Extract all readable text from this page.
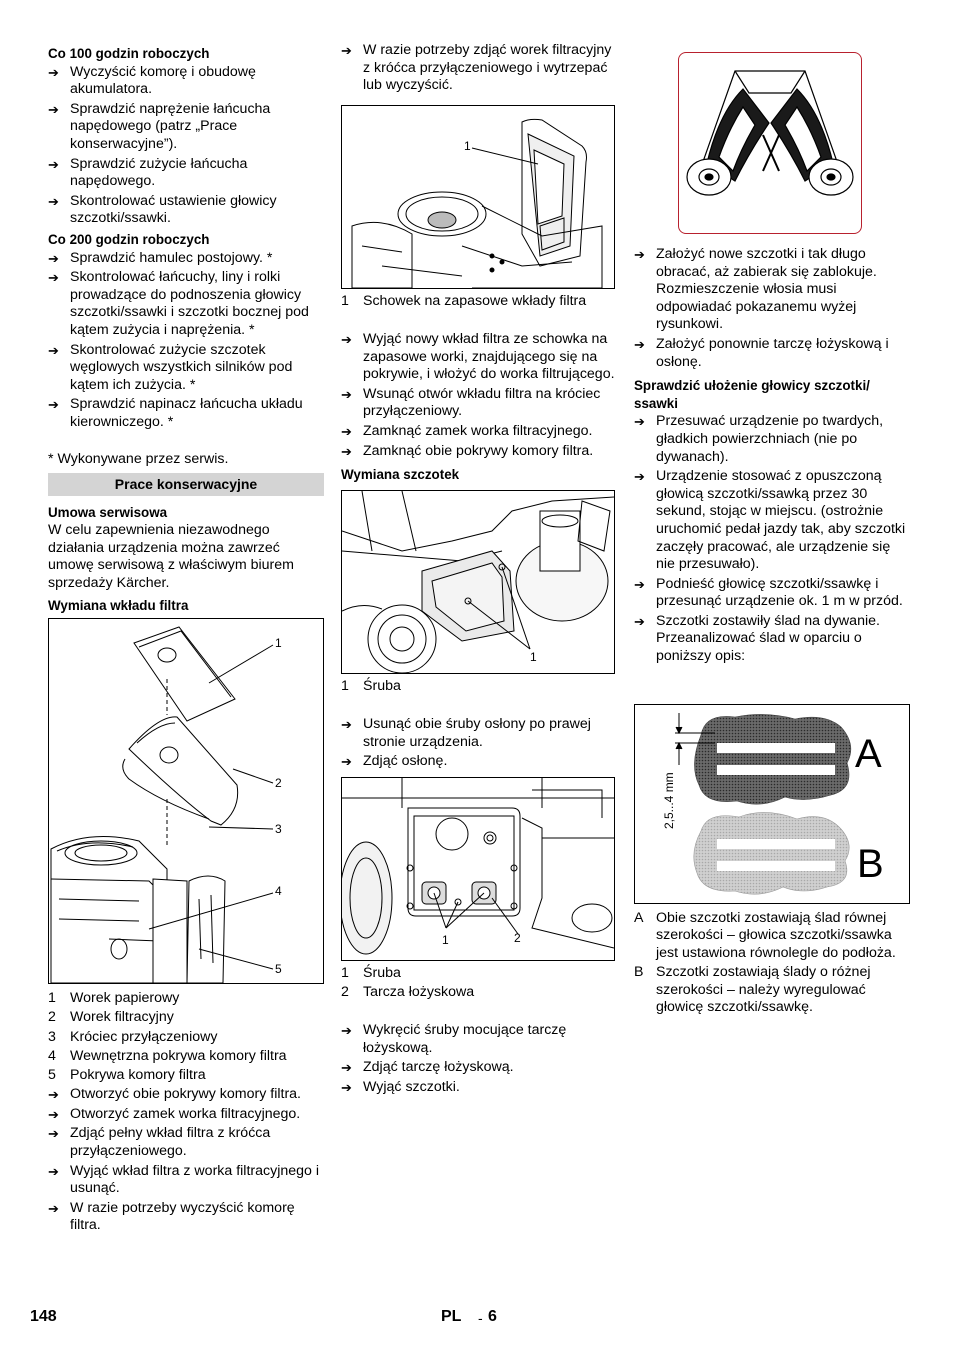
Co 100 godzin roboczych
➔ Wyczyścić komorę i obudowę akumulatora.
➔ Sprawdzić naprężenie łańcucha napędowego (patrz „Prace konserwacyjne”).
➔ Sprawdzić zużycie łańcucha napędowego.
➔ Skontrolować ustawienie głowicy szczotki/ssawki.
Co 200 godzin roboczych
➔ Sprawdzić hamulec postojowy. *
➔ Skontrolować łańcuchy, liny i rolki prowadzące do podnoszenia głowicy szczotki/ssawki i szczotki bocznej pod kątem zużycia i naprężenia. *
➔ Skontrolować zużycie szczotek węglowych wszystkich silników pod kątem ich zużycia. *
➔ Sprawdzić napinacz łańcucha układu kierowniczego. *
* Wykonywane przez serwis.
Prace konserwacyjne
Umowa serwisowa
W celu zapewnienia niezawodnego działania urządzenia można zawrzeć umowę serwisową z właściwym biurem sprzedaży Kärcher.
Wymiana wkładu filtra
1
2
3
4
5
1 Worek papierowy
2 Worek filtracyjny
3 Króciec przyłączeniowy
4 Wewnętrzna pokrywa komory filtra
5 Pokrywa komory filtra
➔ Otworzyć obie pokrywy komory filtra.
➔ Otworzyć zamek worka filtracyjnego.
➔ Zdjąć pełny wkład filtra z króćca przyłączeniowego.
➔ Wyjąć wkład filtra z worka filtracyjnego i usunąć.
➔ W razie potrzeby wyczyścić komorę filtra.
➔ W razie potrzeby zdjąć worek filtracyjny z króćca przyłączeniowego i wytrzepać lub wyczyścić.
1
1 Schowek na zapasowe wkłady filtra
➔ Wyjąć nowy wkład filtra ze schowka na zapasowe worki, znajdującego się na pokrywie, i włożyć do worka filtrującego.
➔ Wsunąć otwór wkładu filtra na króciec przyłączeniowy.
➔ Zamknąć zamek worka filtracyjnego.
➔ Zamknąć obie pokrywy komory filtra.
Wymiana szczotek
1
1 Śruba
➔ Usunąć obie śruby osłony po prawej stronie urządzenia.
➔ Zdjąć osłonę.
1	2
1 Śruba
2 Tarcza łożyskowa
➔ Wykręcić śruby mocujące tarczę łożyskową.
➔ Zdjąć tarczę łożyskową.
➔ Wyjąć szczotki.
➔ Założyć nowe szczotki i tak długo obracać, aż zabierak się zablokuje. Rozmieszczenie włosia musi odpowiadać pokazanemu wyżej rysunkowi.
➔ Założyć ponownie tarczę łożyskową i osłonę.
Sprawdzić ułożenie głowicy szczotki/ ssawki
➔ Przesuwać urządzenie po twardych, gładkich powierzchniach (nie po dywanach).
➔ Urządzenie stosować z opuszczoną głowicą szczotki/ssawką przez 30 sekund, stojąc w miejscu. (ostrożnie uruchomić pedał jazdy tak, aby szczotki zaczęły pracować, ale urządzenie się nie przesuwało).
➔ Podnieść głowicę szczotki/ssawkę i przesunąć urządzenie ok. 1 m w przód.
➔ Szczotki zostawiły ślad na dywanie. Przeanalizować ślad w oparciu o poniższy opis:
2,5...4 mm
A
B
A Obie szczotki zostawiają ślad równej szerokości – głowica szczotki/ssawka jest ustawiona równolegle do podłoża.
B Szczotki zostawiają ślady o różnej szerokości – należy wyregulować głowicę szczotki/ssawkę.
148	PL - 6
